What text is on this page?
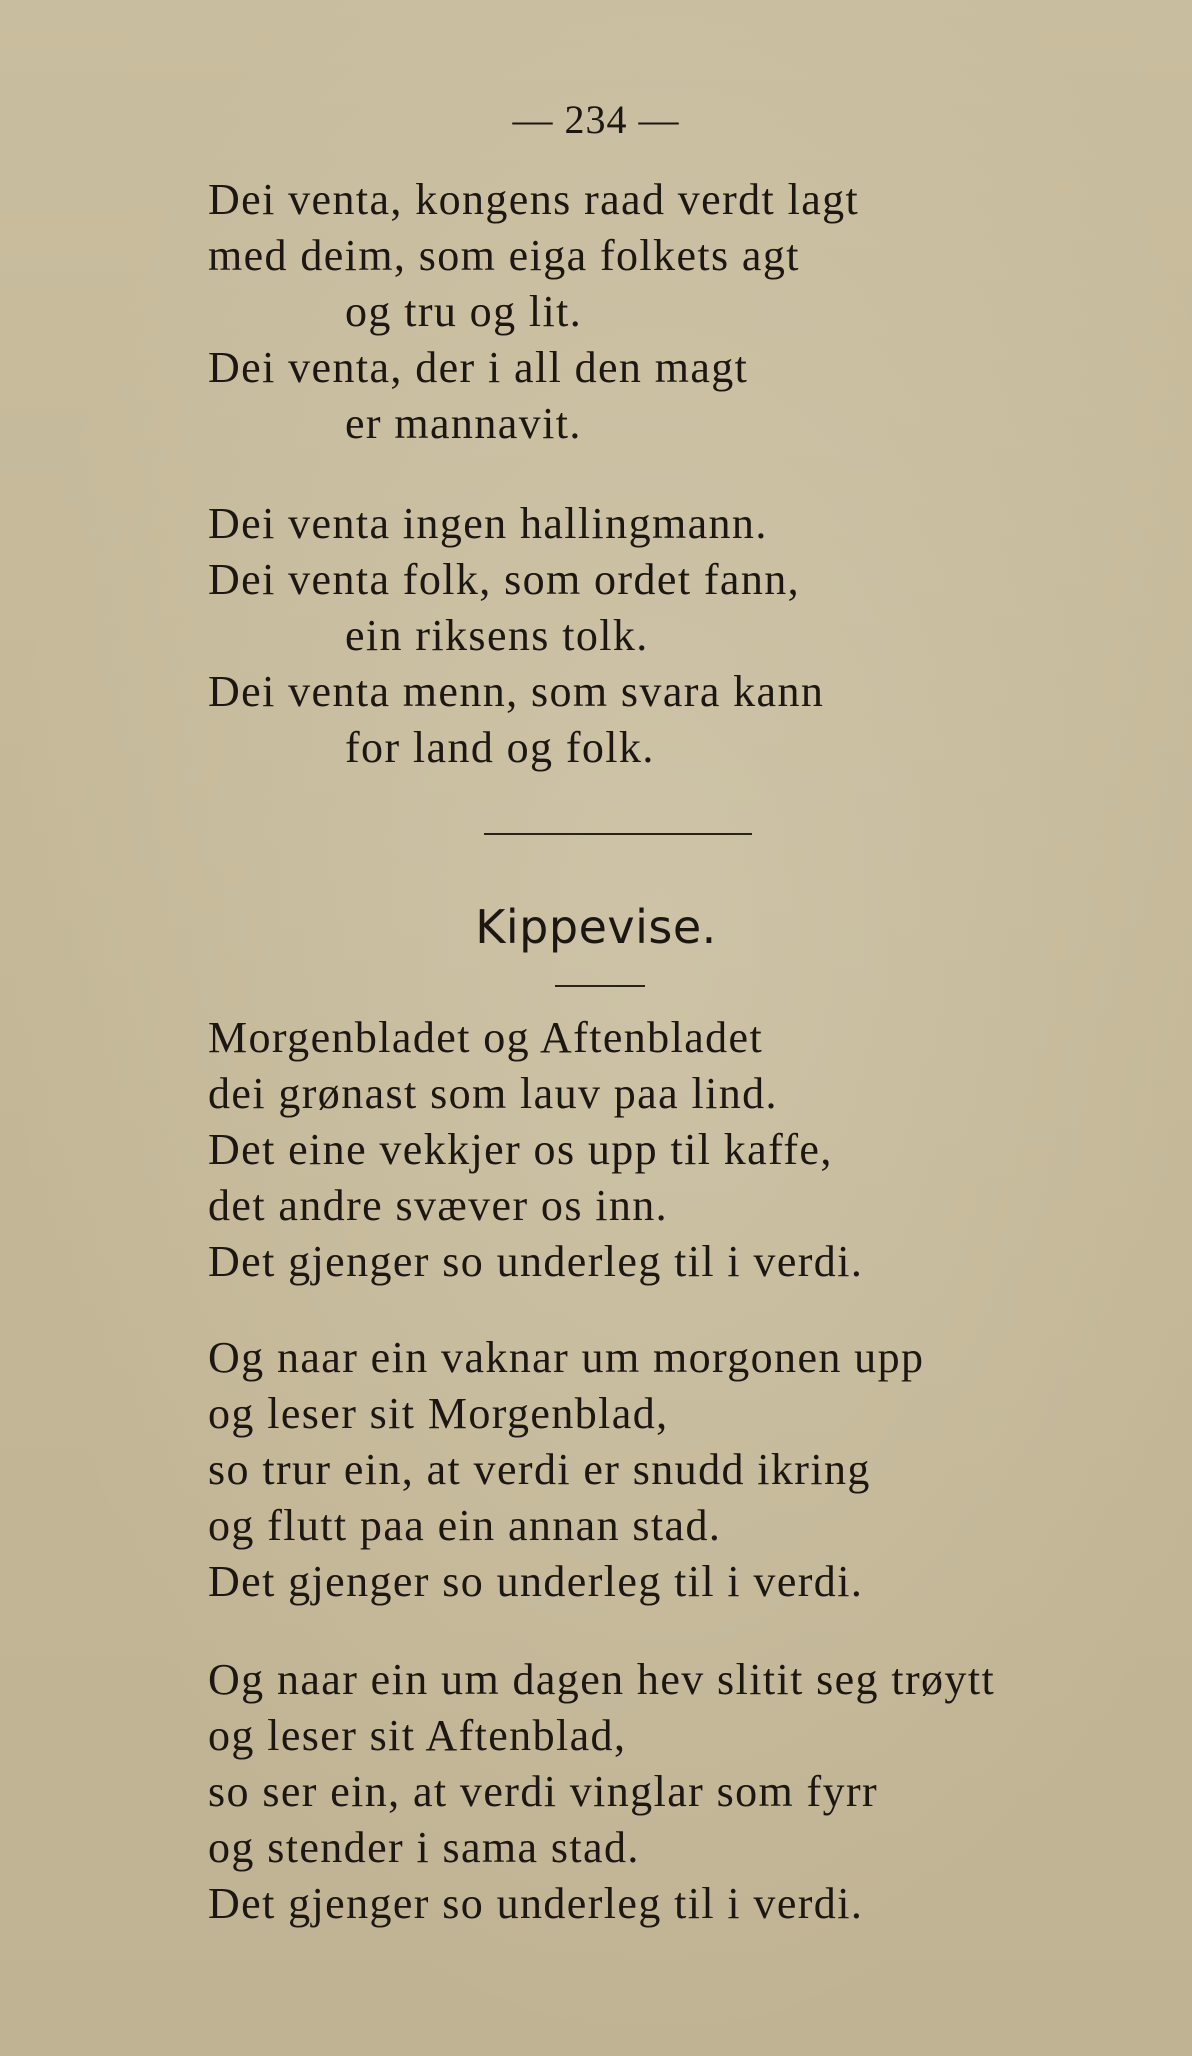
— 234 —
Dei venta, kongens raad verdt lagt
med deim, som eiga folkets agt
og tru og lit.
Dei venta, der i all den magt
er mannavit.
Dei venta ingen hallingmann.
Dei venta folk, som ordet fann,
ein riksens tolk.
Dei venta menn, som svara kann
for land og folk.
Kippevise.
Morgenbladet og Aftenbladet
dei grønast som lauv paa lind.
Det eine vekkjer os upp til kaffe,
det andre svæver os inn.
Det gjenger so underleg til i verdi.
Og naar ein vaknar um morgonen upp
og leser sit Morgenblad,
so trur ein, at verdi er snudd ikring
og flutt paa ein annan stad.
Det gjenger so underleg til i verdi.
Og naar ein um dagen hev slitit seg trøytt
og leser sit Aftenblad,
so ser ein, at verdi vinglar som fyrr
og stender i sama stad.
Det gjenger so underleg til i verdi.
